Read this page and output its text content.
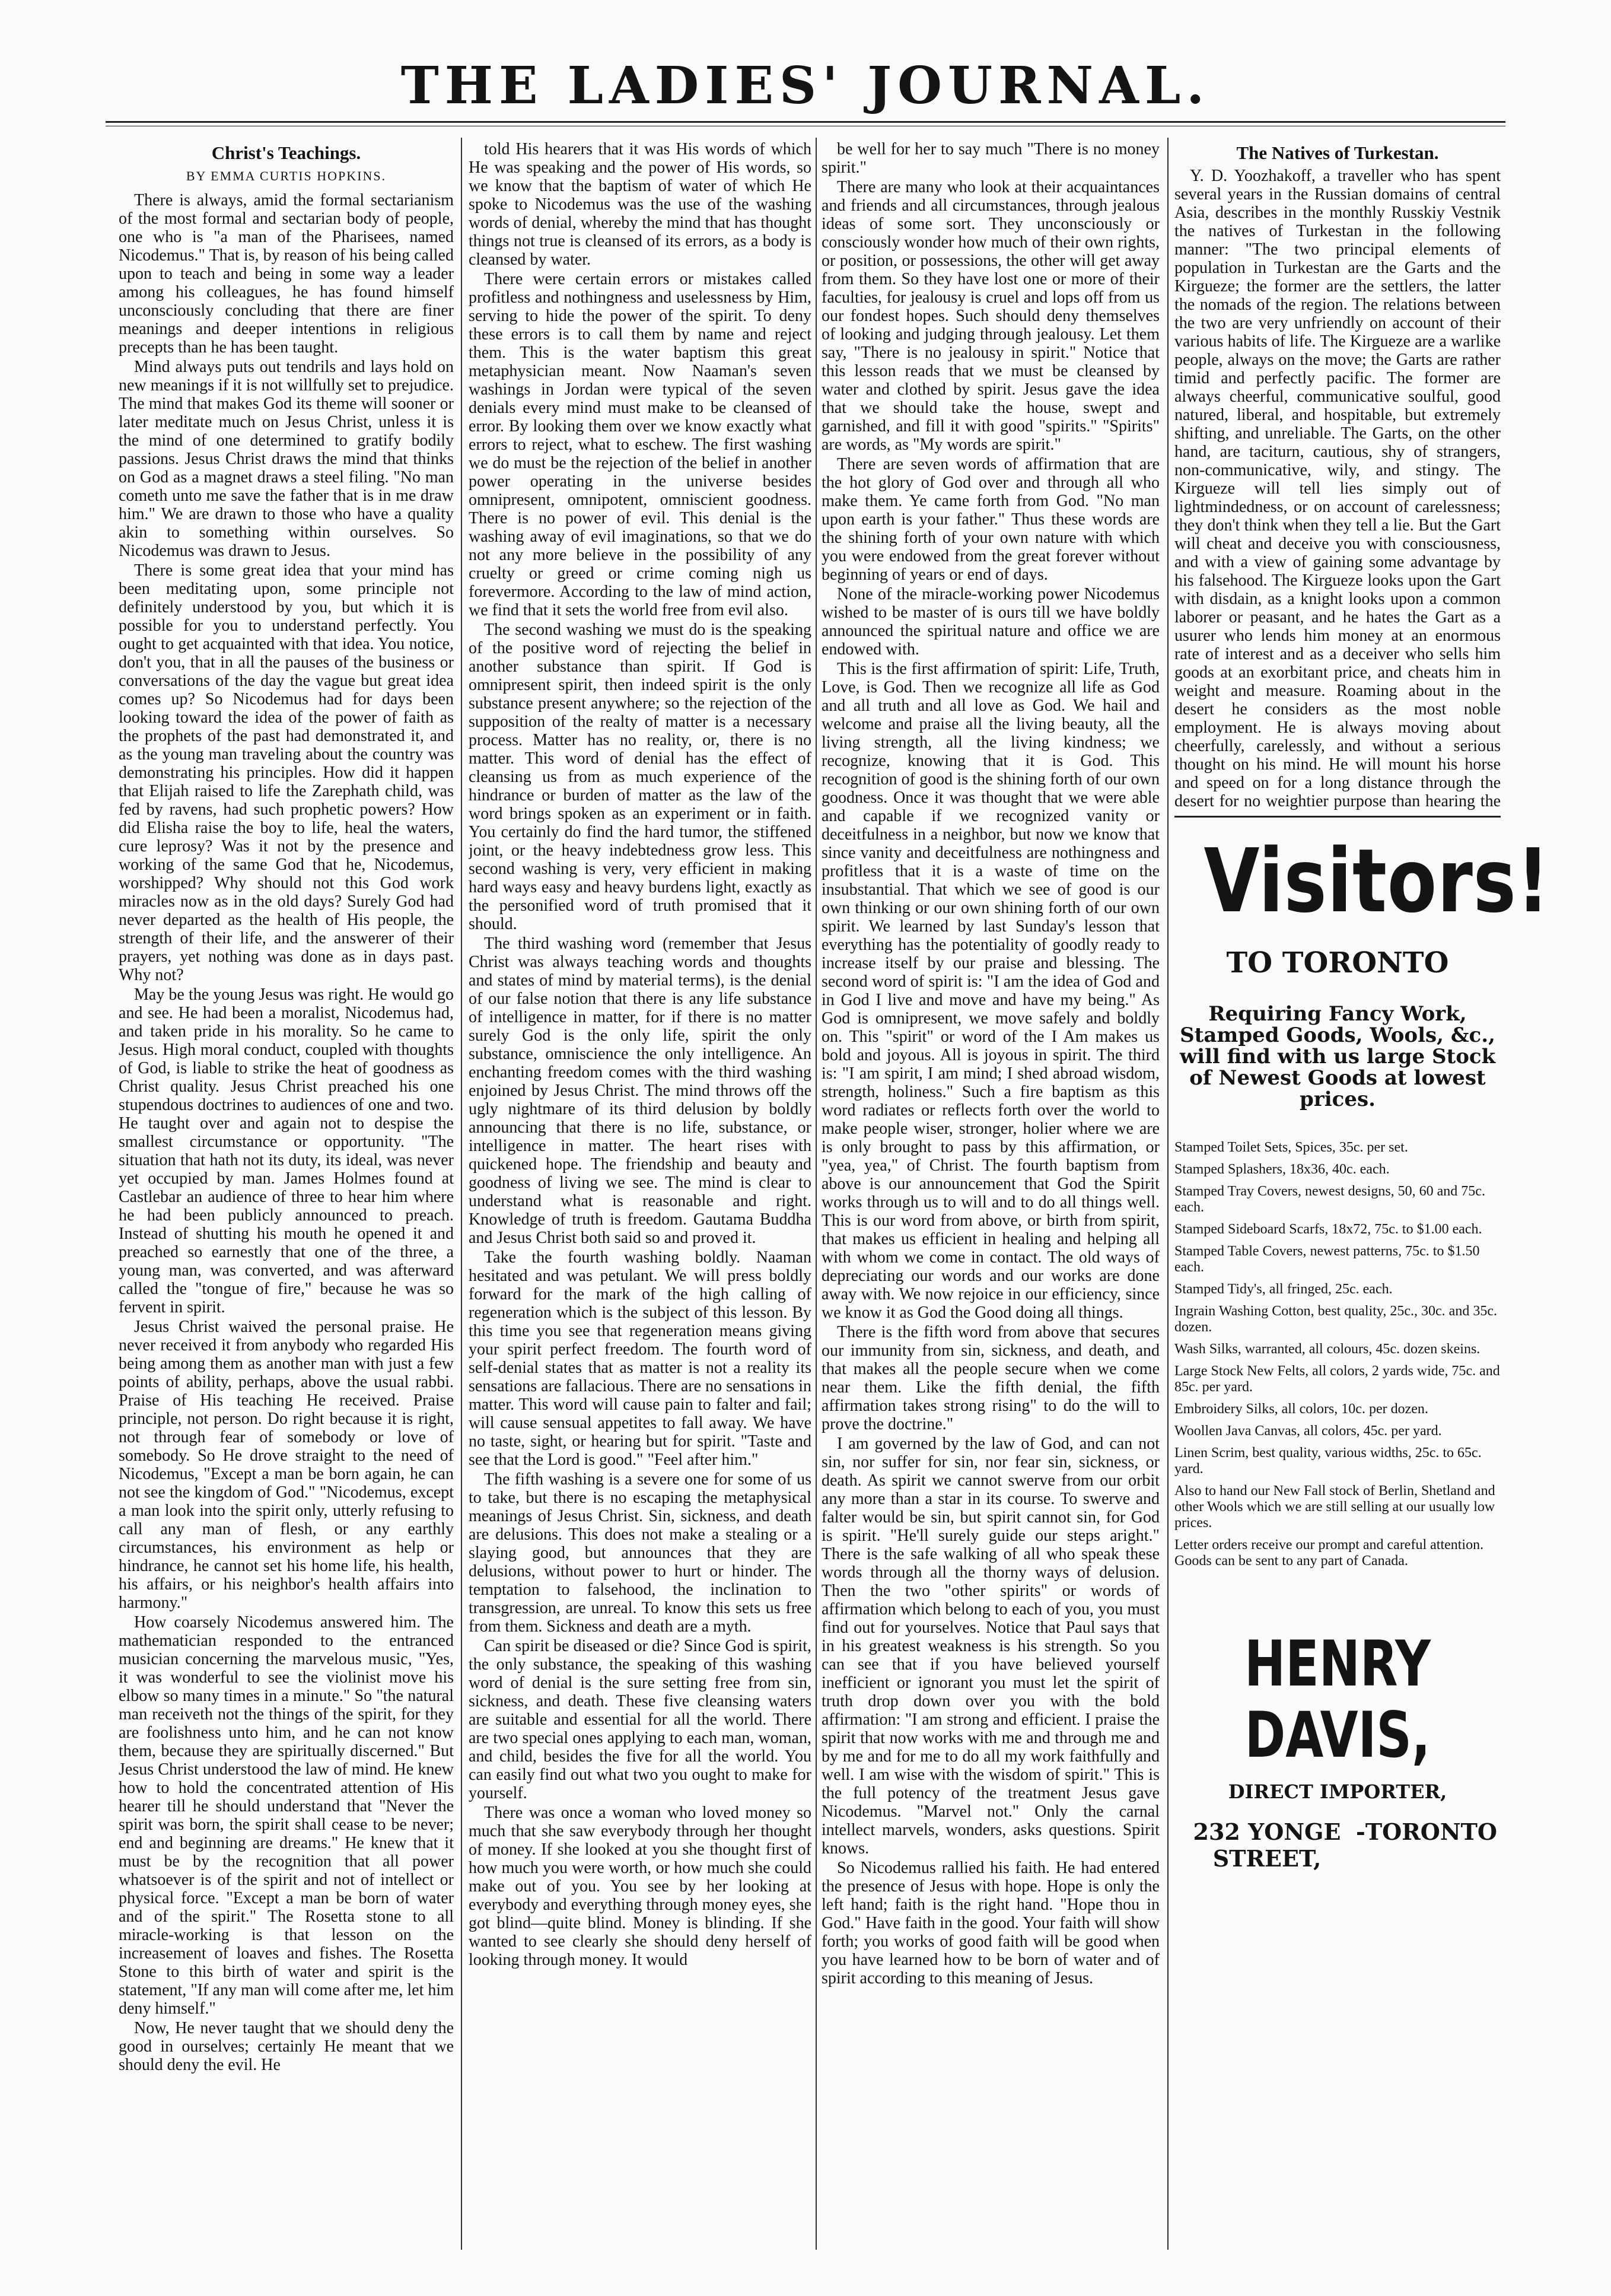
THE LADIES' JOURNAL.
Christ's Teachings.
BY EMMA CURTIS HOPKINS.

There is always, amid the formal sectarianism of the most formal and sectarian body of people, one who is "a man of the Pharisees, named Nicodemus." That is, by reason of his being called upon to teach and being in some way a leader among his colleagues, he has found himself unconsciously concluding that there are finer meanings and deeper intentions in religious precepts than he has been taught.

Mind always puts out tendrils and lays hold on new meanings if it is not willfully set to prejudice. The mind that makes God its theme will sooner or later meditate much on Jesus Christ, unless it is the mind of one determined to gratify bodily passions. Jesus Christ draws the mind that thinks on God as a magnet draws a steel filing. "No man cometh unto me save the father that is in me draw him." We are drawn to those who have a quality akin to something within ourselves. So Nicodemus was drawn to Jesus.

There is some great idea that your mind has been meditating upon, some principle not definitely understood by you, but which it is possible for you to understand perfectly. You ought to get acquainted with that idea. You notice, don't you, that in all the pauses of the business or conversations of the day the vague but great idea comes up? So Nicodemus had for days been looking toward the idea of the power of faith as the prophets of the past had demonstrated it, and as the young man traveling about the country was demonstrating his principles. How did it happen that Elijah raised to life the Zarephath child, was fed by ravens, had such prophetic powers? How did Elisha raise the boy to life, heal the waters, cure leprosy? Was it not by the presence and working of the same God that he, Nicodemus, worshipped? Why should not this God work miracles now as in the old days? Surely God had never departed as the health of His people, the strength of their life, and the answerer of their prayers, yet nothing was done as in days past. Why not?

May be the young Jesus was right. He would go and see. He had been a moralist, Nicodemus had, and taken pride in his morality. So he came to Jesus. High moral conduct, coupled with thoughts of God, is liable to strike the heat of goodness as Christ quality. Jesus Christ preached his one stupendous doctrines to audiences of one and two. He taught over and again not to despise the smallest circumstance or opportunity. "The situation that hath not its duty, its ideal, was never yet occupied by man. James Holmes found at Castlebar an audience of three to hear him where he had been publicly announced to preach. Instead of shutting his mouth he opened it and preached so earnestly that one of the three, a young man, was converted, and was afterward called the "tongue of fire," because he was so fervent in spirit.

Jesus Christ waived the personal praise. He never received it from anybody who regarded His being among them as another man with just a few points of ability, perhaps, above the usual rabbi. Praise of His teaching He received. Praise principle, not person. Do right because it is right, not through fear of somebody or love of somebody. So He drove straight to the need of Nicodemus, "Except a man be born again, he can not see the kingdom of God." "Nicodemus, except a man look into the spirit only, utterly refusing to call any man of flesh, or any earthly circumstances, his environment as help or hindrance, he cannot set his home life, his health, his affairs, or his neighbor's health affairs into harmony."

How coarsely Nicodemus answered him. The mathematician responded to the entranced musician concerning the marvelous music, "Yes, it was wonderful to see the violinist move his elbow so many times in a minute." So "the natural man receiveth not the things of the spirit, for they are foolishness unto him, and he can not know them, because they are spiritually discerned." But Jesus Christ understood the law of mind. He knew how to hold the concentrated attention of His hearer till he should understand that "Never the spirit was born, the spirit shall cease to be never; end and beginning are dreams." He knew that it must be by the recognition that all power whatsoever is of the spirit and not of intellect or physical force. "Except a man be born of water and of the spirit." The Rosetta stone to all miracle-working is that lesson on the increasement of loaves and fishes. The Rosetta Stone to this birth of water and spirit is the statement, "If any man will come after me, let him deny himself."

Now, He never taught that we should deny the good in ourselves; certainly He meant that we should deny the evil. He

told His hearers that it was His words of which He was speaking and the power of His words, so we know that the baptism of water of which He spoke to Nicodemus was the use of the washing words of denial, whereby the mind that has thought things not true is cleansed of its errors, as a body is cleansed by water.

There were certain errors or mistakes called profitless and nothingness and uselessness by Him, serving to hide the power of the spirit. To deny these errors is to call them by name and reject them. This is the water baptism this great metaphysician meant. Now Naaman's seven washings in Jordan were typical of the seven denials every mind must make to be cleansed of error. By looking them over we know exactly what errors to reject, what to eschew. The first washing we do must be the rejection of the belief in another power operating in the universe besides omnipresent, omnipotent, omniscient goodness. There is no power of evil. This denial is the washing away of evil imaginations, so that we do not any more believe in the possibility of any cruelty or greed or crime coming nigh us forevermore. According to the law of mind action, we find that it sets the world free from evil also.

The second washing we must do is the speaking of the positive word of rejecting the belief in another substance than spirit. If God is omnipresent spirit, then indeed spirit is the only substance present anywhere; so the rejection of the supposition of the realty of matter is a necessary process. Matter has no reality, or, there is no matter. This word of denial has the effect of cleansing us from as much experience of the hindrance or burden of matter as the law of the word brings spoken as an experiment or in faith. You certainly do find the hard tumor, the stiffened joint, or the heavy indebtedness grow less. This second washing is very, very efficient in making hard ways easy and heavy burdens light, exactly as the personified word of truth promised that it should.

The third washing word (remember that Jesus Christ was always teaching words and thoughts and states of mind by material terms), is the denial of our false notion that there is any life substance of intelligence in matter, for if there is no matter surely God is the only life, spirit the only substance, omniscience the only intelligence. An enchanting freedom comes with the third washing enjoined by Jesus Christ. The mind throws off the ugly nightmare of its third delusion by boldly announcing that there is no life, substance, or intelligence in matter. The heart rises with quickened hope. The friendship and beauty and goodness of living we see. The mind is clear to understand what is reasonable and right. Knowledge of truth is freedom. Gautama Buddha and Jesus Christ both said so and proved it.

Take the fourth washing boldly. Naaman hesitated and was petulant. We will press boldly forward for the mark of the high calling of regeneration which is the subject of this lesson. By this time you see that regeneration means giving your spirit perfect freedom. The fourth word of self-denial states that as matter is not a reality its sensations are fallacious. There are no sensations in matter. This word will cause pain to falter and fail; will cause sensual appetites to fall away. We have no taste, sight, or hearing but for spirit. "Taste and see that the Lord is good." "Feel after him."

The fifth washing is a severe one for some of us to take, but there is no escaping the metaphysical meanings of Jesus Christ. Sin, sickness, and death are delusions. This does not make a stealing or a slaying good, but announces that they are delusions, without power to hurt or hinder. The temptation to falsehood, the inclination to transgression, are unreal. To know this sets us free from them. Sickness and death are a myth.

Can spirit be diseased or die? Since God is spirit, the only substance, the speaking of this washing word of denial is the sure setting free from sin, sickness, and death. These five cleansing waters are suitable and essential for all the world. There are two special ones applying to each man, woman, and child, besides the five for all the world. You can easily find out what two you ought to make for yourself.

There was once a woman who loved money so much that she saw everybody through her thought of money. If she looked at you she thought first of how much you were worth, or how much she could make out of you. You see by her looking at everybody and everything through money eyes, she got blind—quite blind. Money is blinding. If she wanted to see clearly she should deny herself of looking through money. It would

be well for her to say much "There is no money spirit."

There are many who look at their acquaintances and friends and all circumstances, through jealous ideas of some sort. They unconsciously or consciously wonder how much of their own rights, or position, or possessions, the other will get away from them. So they have lost one or more of their faculties, for jealousy is cruel and lops off from us our fondest hopes. Such should deny themselves of looking and judging through jealousy. Let them say, "There is no jealousy in spirit." Notice that this lesson reads that we must be cleansed by water and clothed by spirit. Jesus gave the idea that we should take the house, swept and garnished, and fill it with good "spirits." "Spirits" are words, as "My words are spirit."

There are seven words of affirmation that are the hot glory of God over and through all who make them. Ye came forth from God. "No man upon earth is your father." Thus these words are the shining forth of your own nature with which you were endowed from the great forever without beginning of years or end of days.

None of the miracle-working power Nicodemus wished to be master of is ours till we have boldly announced the spiritual nature and office we are endowed with.

This is the first affirmation of spirit: Life, Truth, Love, is God. Then we recognize all life as God and all truth and all love as God. We hail and welcome and praise all the living beauty, all the living strength, all the living kindness; we recognize, knowing that it is God. This recognition of good is the shining forth of our own goodness. Once it was thought that we were able and capable if we recognized vanity or deceitfulness in a neighbor, but now we know that since vanity and deceitfulness are nothingness and profitless that it is a waste of time on the insubstantial. That which we see of good is our own thinking or our own shining forth of our own spirit. We learned by last Sunday's lesson that everything has the potentiality of goodly ready to increase itself by our praise and blessing. The second word of spirit is: "I am the idea of God and in God I live and move and have my being." As God is omnipresent, we move safely and boldly on. This "spirit" or word of the I Am makes us bold and joyous. All is joyous in spirit. The third is: "I am spirit, I am mind; I shed abroad wisdom, strength, holiness." Such a fire baptism as this word radiates or reflects forth over the world to make people wiser, stronger, holier where we are is only brought to pass by this affirmation, or "yea, yea," of Christ. The fourth baptism from above is our announcement that God the Spirit works through us to will and to do all things well. This is our word from above, or birth from spirit, that makes us efficient in healing and helping all with whom we come in contact. The old ways of depreciating our words and our works are done away with. We now rejoice in our efficiency, since we know it as God the Good doing all things.

There is the fifth word from above that secures our immunity from sin, sickness, and death, and that makes all the people secure when we come near them. Like the fifth denial, the fifth affirmation takes strong rising" to do the will to prove the doctrine."

I am governed by the law of God, and can not sin, nor suffer for sin, nor fear sin, sickness, or death. As spirit we cannot swerve from our orbit any more than a star in its course. To swerve and falter would be sin, but spirit cannot sin, for God is spirit. "He'll surely guide our steps aright." There is the safe walking of all who speak these words through all the thorny ways of delusion. Then the two "other spirits" or words of affirmation which belong to each of you, you must find out for yourselves. Notice that Paul says that in his greatest weakness is his strength. So you can see that if you have believed yourself inefficient or ignorant you must let the spirit of truth drop down over you with the bold affirmation: "I am strong and efficient. I praise the spirit that now works with me and through me and by me and for me to do all my work faithfully and well. I am wise with the wisdom of spirit." This is the full potency of the treatment Jesus gave Nicodemus. "Marvel not." Only the carnal intellect marvels, wonders, asks questions. Spirit knows.

So Nicodemus rallied his faith. He had entered the presence of Jesus with hope. Hope is only the left hand; faith is the right hand. "Hope thou in God." Have faith in the good. Your faith will show forth; you works of good faith will be good when you have learned how to be born of water and of spirit according to this meaning of Jesus.

The Natives of Turkestan.

Y. D. Yoozhakoff, a traveller who has spent several years in the Russian domains of central Asia, describes in the monthly Russkiy Vestnik the natives of Turkestan in the following manner: "The two principal elements of population in Turkestan are the Garts and the Kirgueze; the former are the settlers, the latter the nomads of the region. The relations between the two are very unfriendly on account of their various habits of life. The Kirgueze are a warlike people, always on the move; the Garts are rather timid and perfectly pacific. The former are always cheerful, communicative soulful, good natured, liberal, and hospitable, but extremely shifting, and unreliable. The Garts, on the other hand, are taciturn, cautious, shy of strangers, non-communicative, wily, and stingy. The Kirgueze will tell lies simply out of lightmindedness, or on account of carelessness; they don't think when they tell a lie. But the Gart will cheat and deceive you with consciousness, and with a view of gaining some advantage by his falsehood. The Kirgueze looks upon the Gart with disdain, as a knight looks upon a common laborer or peasant, and he hates the Gart as a usurer who lends him money at an enormous rate of interest and as a deceiver who sells him goods at an exorbitant price, and cheats him in weight and measure. Roaming about in the desert he considers as the most noble employment. He is always moving about cheerfully, carelessly, and without a serious thought on his mind. He will mount his horse and speed on for a long distance through the desert for no weightier purpose than hearing the

Visitors!
TO TORONTO
Requiring Fancy Work, Stamped Goods, Wools, &c., will find with us large Stock of Newest Goods at lowest prices.
Stamped Toilet Sets, Spices, 35c. per set.
Stamped Splashers, 18x36, 40c. each.
Stamped Tray Covers, newest designs, 50, 60 and 75c. each.
Stamped Sideboard Scarfs, 18x72, 75c. to $1.00 each.
Stamped Table Covers, newest patterns, 75c. to $1.50 each.
Stamped Tidy's, all fringed, 25c. each.
Ingrain Washing Cotton, best quality, 25c., 30c. and 35c. dozen.
Wash Silks, warranted, all colours, 45c. dozen skeins.
Large Stock New Felts, all colors, 2 yards wide, 75c. and 85c. per yard.
Embroidery Silks, all colors, 10c. per dozen.
Woollen Java Canvas, all colors, 45c. per yard.
Linen Scrim, best quality, various widths, 25c. to 65c. yard.
Also to hand our New Fall stock of Berlin, Shetland and other Wools which we are still selling at our usually low prices.
Letter orders receive our prompt and careful attention. Goods can be sent to any part of Canada.
HENRY DAVIS,
DIRECT IMPORTER,
232 YONGE STREET,
- TORONTO
